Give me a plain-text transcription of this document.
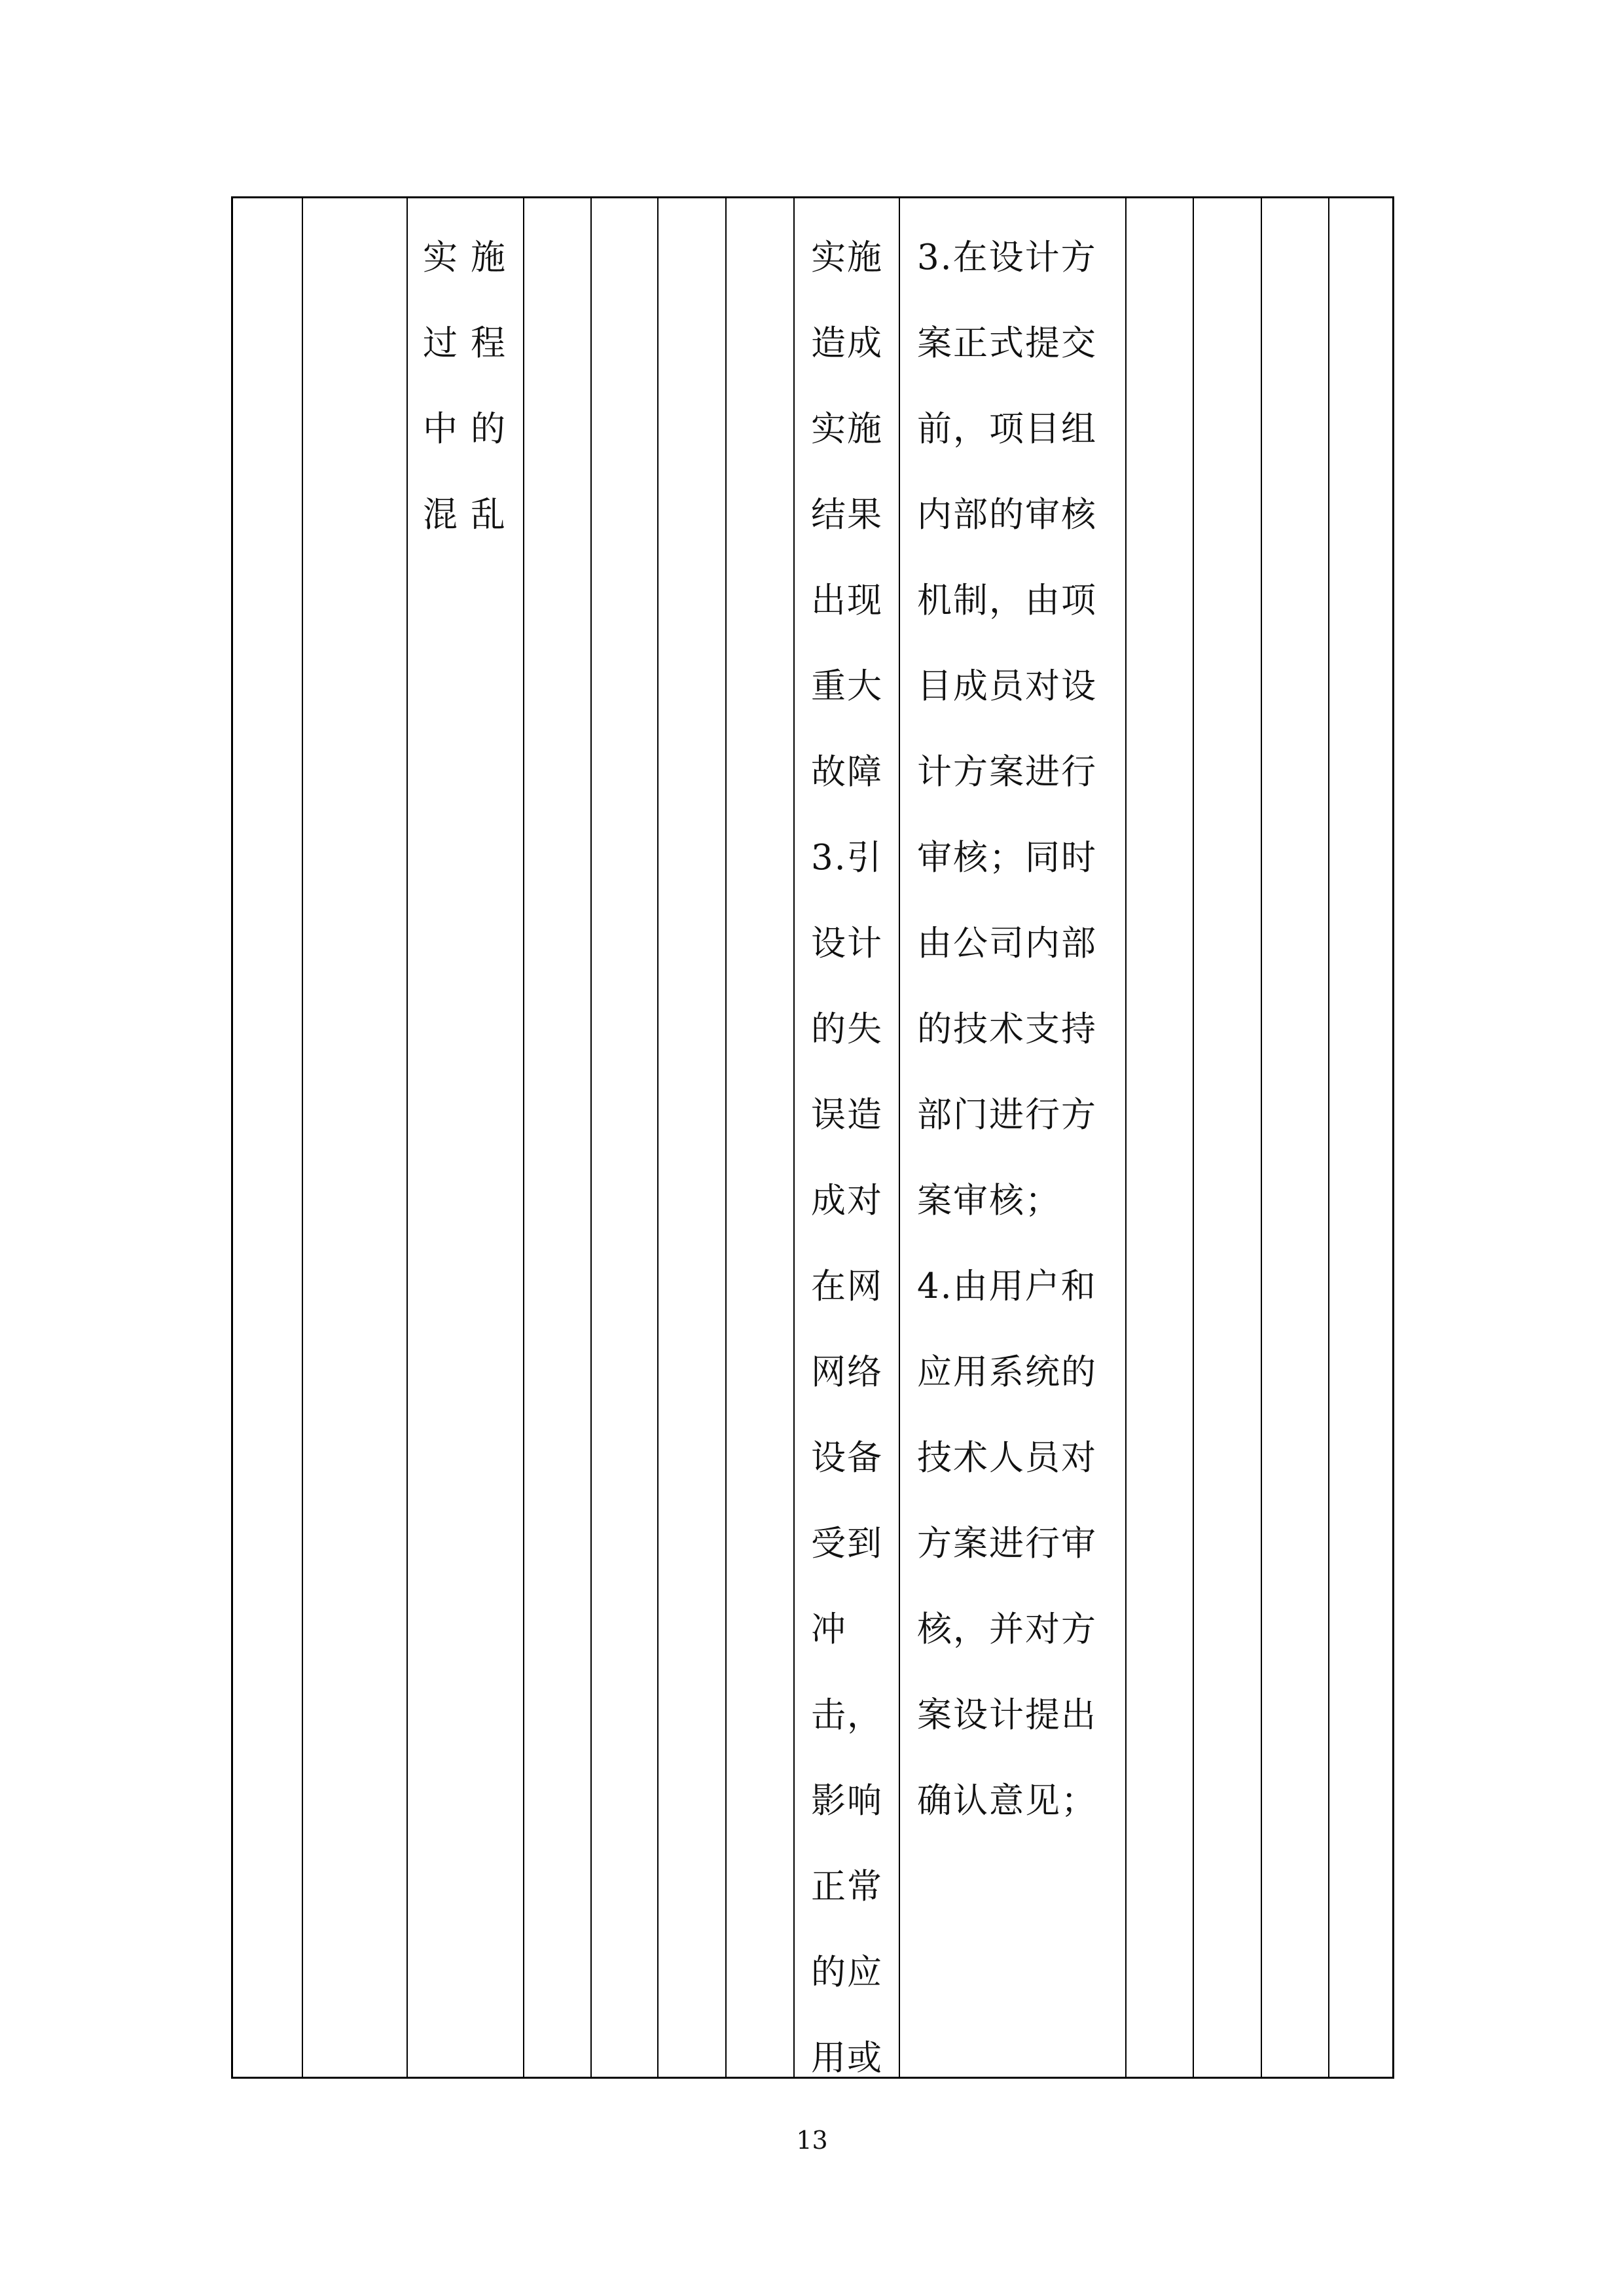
实施
过程
中的
混乱
实施
造成
实施
结果
出现
重大
故障
3.引
设计
的失
误造
成对
在网
网络
设备
受到
冲
击，
影响
正常
的应
用或
3.在设计方
案正式提交
前，项目组
内部的审核
机制，由项
目成员对设
计方案进行
审核；同时
由公司内部
的技术支持
部门进行方
案审核；
4.由用户和
应用系统的
技术人员对
方案进行审
核，并对方
案设计提出
确认意见；
13
